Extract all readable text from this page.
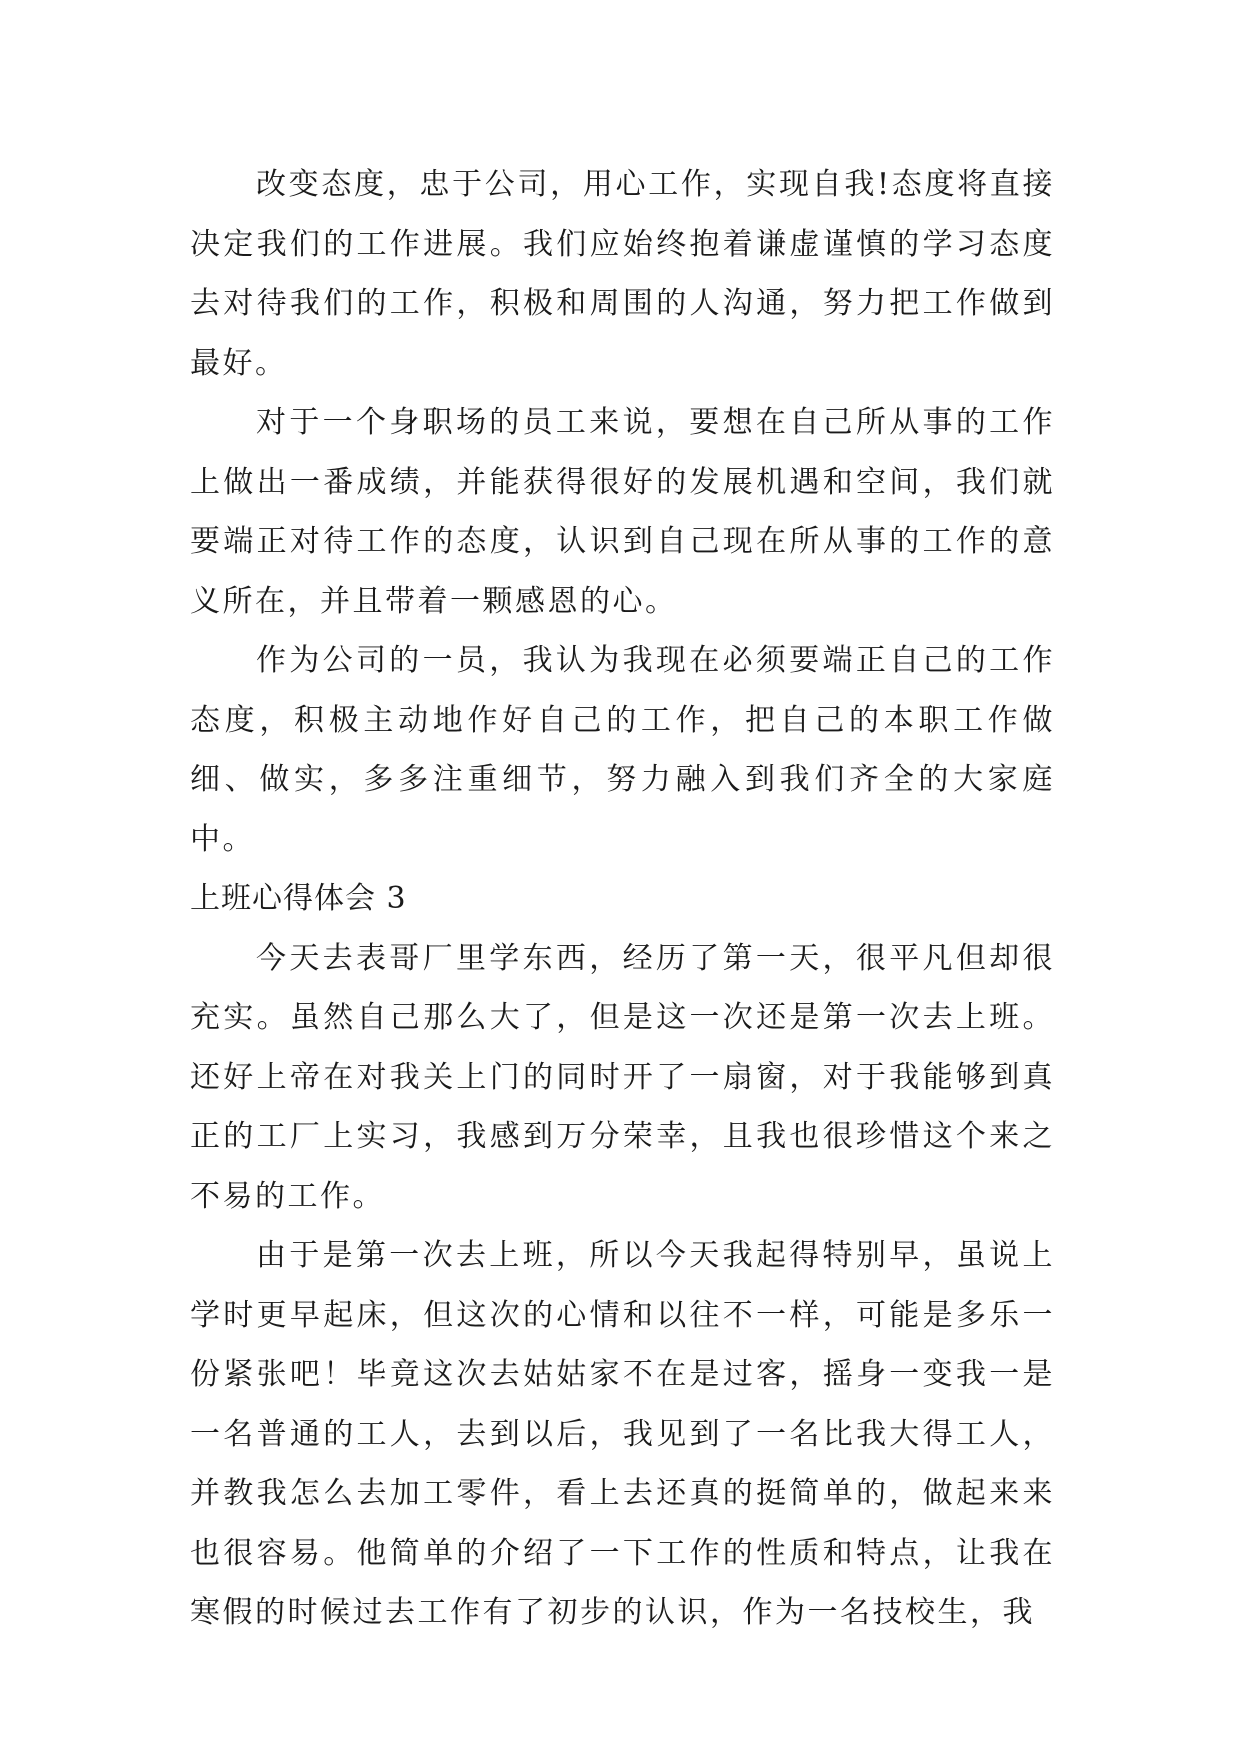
改变态度，忠于公司，用心工作，实现自我!态度将直接决定我们的工作进展。我们应始终抱着谦虚谨慎的学习态度去对待我们的工作，积极和周围的人沟通，努力把工作做到最好。

对于一个身职场的员工来说，要想在自己所从事的工作上做出一番成绩，并能获得很好的发展机遇和空间，我们就要端正对待工作的态度，认识到自己现在所从事的工作的意义所在，并且带着一颗感恩的心。

作为公司的一员，我认为我现在必须要端正自己的工作态度，积极主动地作好自己的工作，把自己的本职工作做细、做实，多多注重细节，努力融入到我们齐全的大家庭中。

上班心得体会 3

今天去表哥厂里学东西，经历了第一天，很平凡但却很充实。虽然自己那么大了，但是这一次还是第一次去上班。还好上帝在对我关上门的同时开了一扇窗，对于我能够到真正的工厂上实习，我感到万分荣幸，且我也很珍惜这个来之不易的工作。

由于是第一次去上班，所以今天我起得特别早，虽说上学时更早起床，但这次的心情和以往不一样，可能是多乐一份紧张吧！毕竟这次去姑姑家不在是过客，摇身一变我一是一名普通的工人，去到以后，我见到了一名比我大得工人，并教我怎么去加工零件，看上去还真的挺简单的，做起来来也很容易。他简单的介绍了一下工作的性质和特点，让我在寒假的时候过去工作有了初步的认识，作为一名技校生，我
